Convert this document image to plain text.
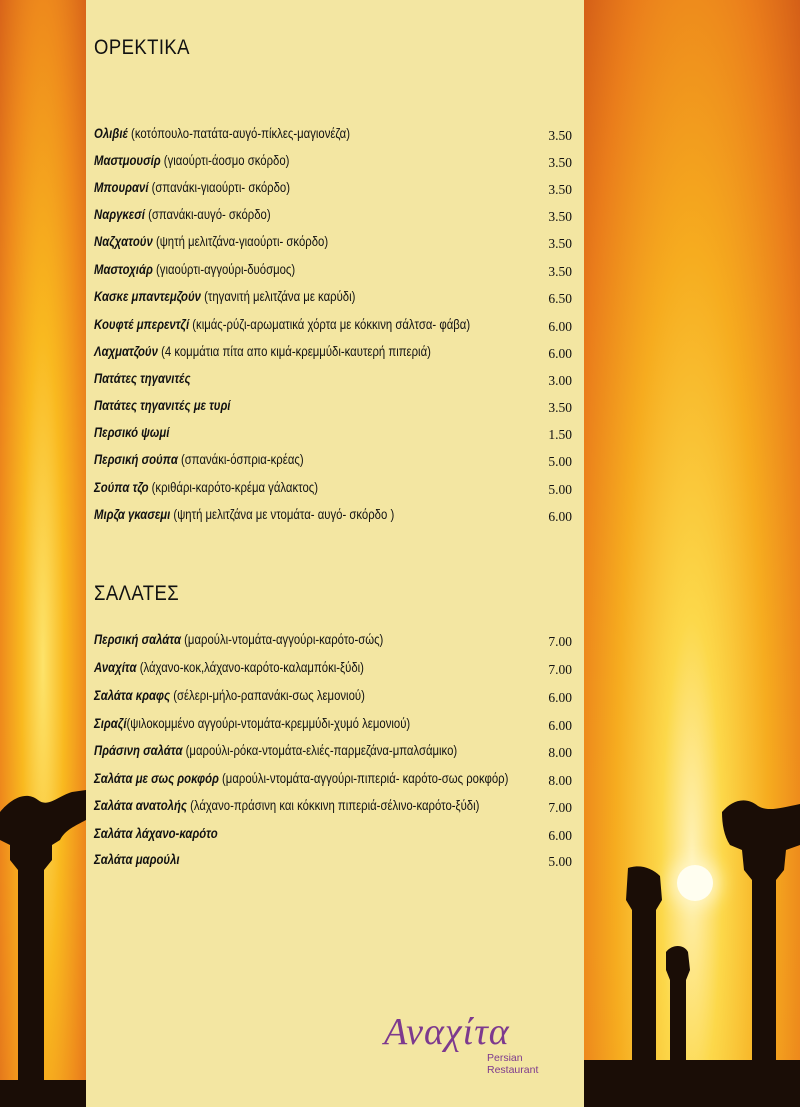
ΟΡΕΚΤΙΚΑ
Ολιβιέ (κοτόπουλο-πατάτα-αυγό-πίκλες-μαγιονέζα)	3.50
Μαστμουσίρ (γιαούρτι-άοσμο σκόρδο)	3.50
Μπουρανί (σπανάκι-γιαούρτι- σκόρδο)	3.50
Ναργκεσί (σπανάκι-αυγό- σκόρδο)	3.50
Ναζχατούν (ψητή μελιτζάνα-γιαούρτι- σκόρδο)	3.50
Μαστοχιάρ (γιαούρτι-αγγούρι-δυόσμος)	3.50
Κασκε μπαντεμζούν (τηγανιτή μελιτζάνα με καρύδι)	6.50
Κουφτέ μπερεντζί (κιμάς-ρύζι-αρωματικά χόρτα με κόκκινη σάλτσα- φάβα)	6.00
Λαχματζούν (4 κομμάτια πίτα απο κιμά-κρεμμύδι-καυτερή πιπεριά)	6.00
Πατάτες τηγανιτές	3.00
Πατάτες τηγανιτές με τυρί	3.50
Περσικό ψωμί	1.50
Περσική σούπα (σπανάκι-όσπρια-κρέας)	5.00
Σούπα τζο (κριθάρι-καρότο-κρέμα γάλακτος)	5.00
Μιρζα γκασεμι (ψητή μελιτζάνα με ντομάτα- αυγό- σκόρδο )	6.00
ΣΑΛΑΤΕΣ
Περσική σαλάτα (μαρούλι-ντομάτα-αγγούρι-καρότο-σώς)	7.00
Αναχίτα (λάχανο-κοκ,λάχανο-καρότο-καλαμπόκι-ξύδι)	7.00
Σαλάτα κραφς (σέλερι-μήλο-ραπανάκι-σως λεμονιού)	6.00
Σιραζί(ψιλοκομμένο αγγούρι-ντομάτα-κρεμμύδι-χυμό λεμονιού)	6.00
Πράσινη σαλάτα (μαρούλι-ρόκα-ντομάτα-ελιές-παρμεζάνα-μπαλσάμικο)	8.00
Σαλάτα με σως ροκφόρ (μαρούλι-ντομάτα-αγγούρι-πιπεριά- καρότο-σως ροκφόρ)	8.00
Σαλάτα ανατολής (λάχανο-πράσινη και κόκκινη πιπεριά-σέλινο-καρότο-ξύδι)	7.00
Σαλάτα λάχανο-καρότο	6.00
Σαλάτα μαρούλι	5.00
Αναχίτα
Persian
Restaurant
